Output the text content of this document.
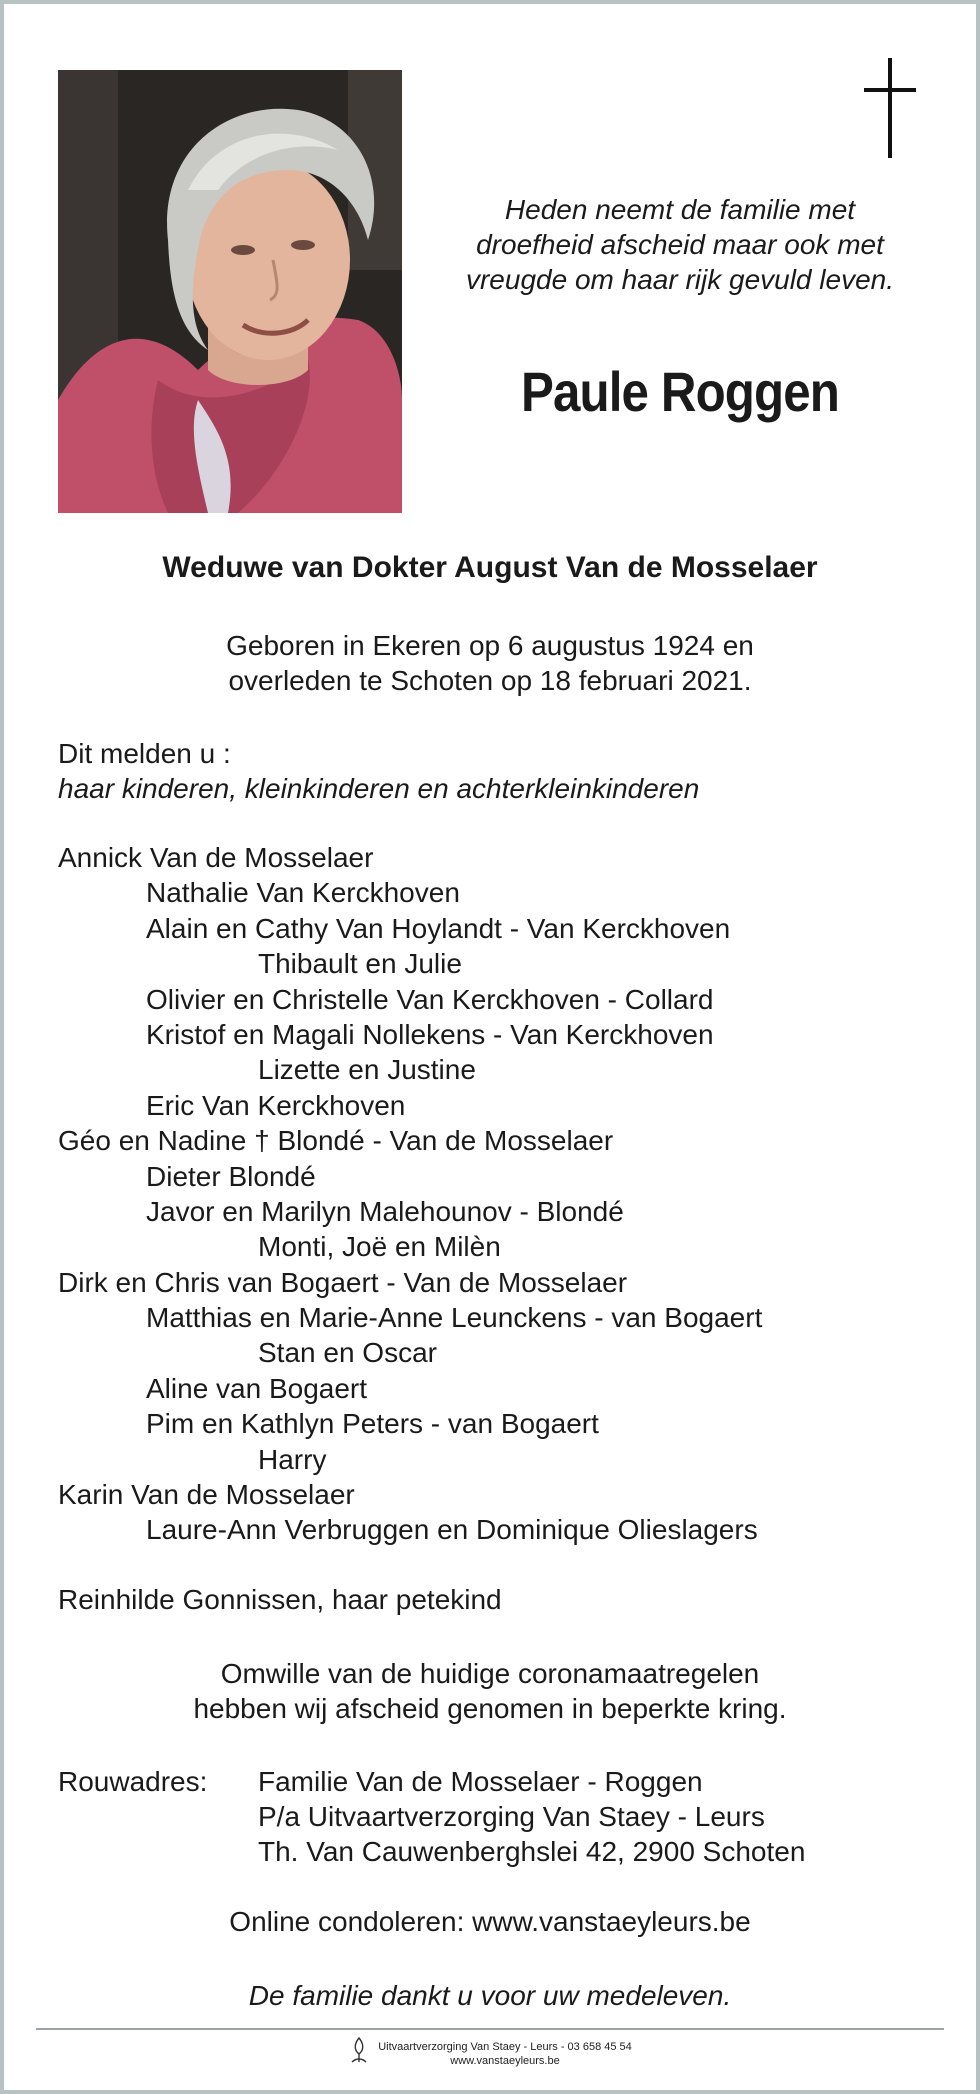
Heden neemt de familie met
droefheid afscheid maar ook met
vreugde om haar rijk gevuld leven.
Paule Roggen
Weduwe van Dokter August Van de Mosselaer
Geboren in Ekeren op 6 augustus 1924 en
overleden te Schoten op 18 februari 2021.
Dit melden u :
haar kinderen, kleinkinderen en achterkleinkinderen
Annick Van de Mosselaer
Nathalie Van Kerckhoven
Alain en Cathy Van Hoylandt - Van Kerckhoven
Thibault en Julie
Olivier en Christelle Van Kerckhoven - Collard
Kristof en Magali Nollekens - Van Kerckhoven
Lizette en Justine
Eric Van Kerckhoven
Géo en Nadine † Blondé - Van de Mosselaer
Dieter Blondé
Javor en Marilyn Malehounov - Blondé
Monti, Joë en Milèn
Dirk en Chris van Bogaert - Van de Mosselaer
Matthias en Marie-Anne Leunckens - van Bogaert
Stan en Oscar
Aline van Bogaert
Pim en Kathlyn Peters - van Bogaert
Harry
Karin Van de Mosselaer
Laure-Ann Verbruggen en Dominique Olieslagers
Reinhilde Gonnissen, haar petekind
Omwille van de huidige coronamaatregelen
hebben wij afscheid genomen in beperkte kring.
Rouwadres: Familie Van de Mosselaer - Roggen
P/a Uitvaartverzorging Van Staey - Leurs
Th. Van Cauwenberghslei 42, 2900 Schoten
Online condoleren: www.vanstaeyleurs.be
De familie dankt u voor uw medeleven.
Uitvaartverzorging Van Staey - Leurs - 03 658 45 54
www.vanstaeyleurs.be
